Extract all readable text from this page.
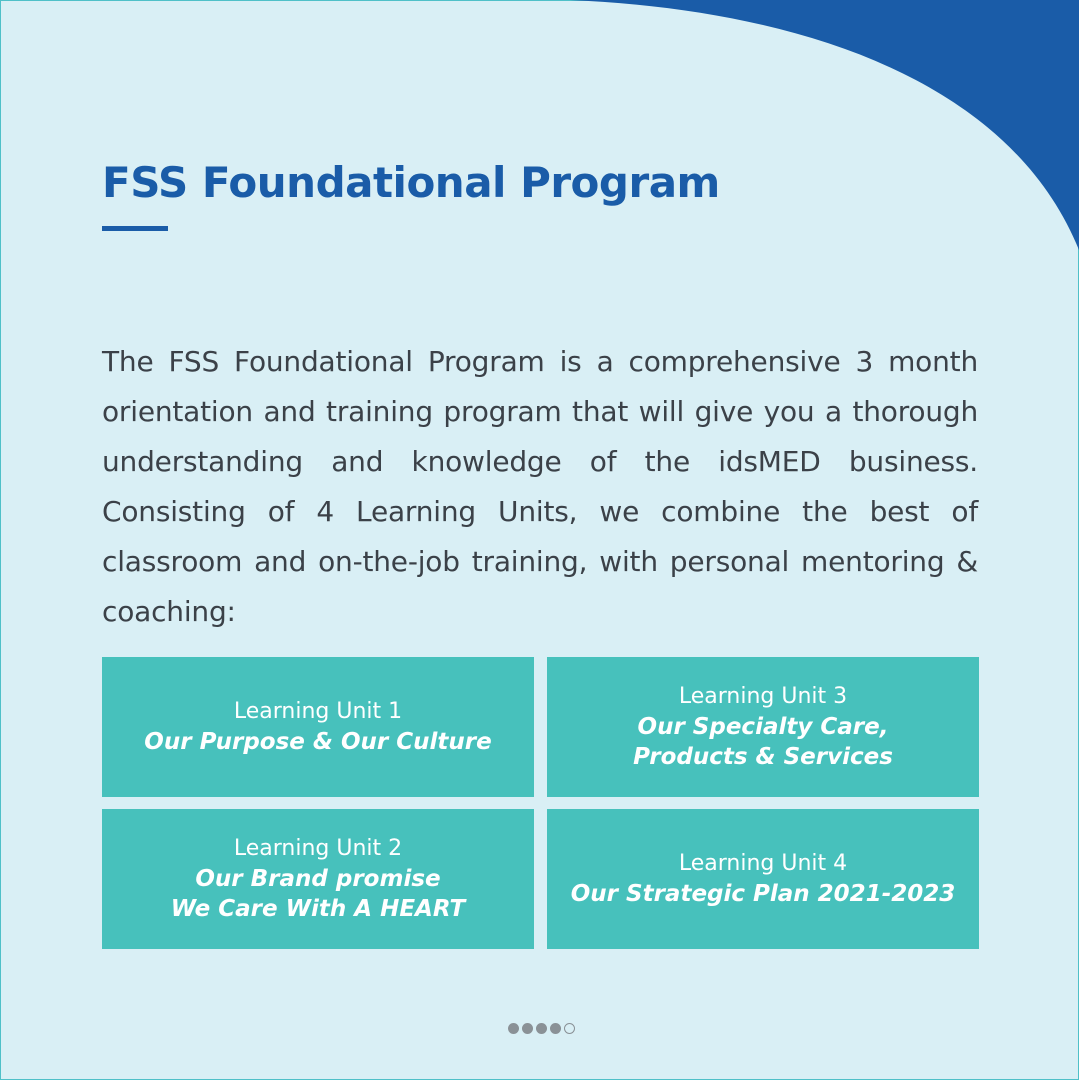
FSS Foundational Program

The FSS Foundational Program is a comprehensive 3 month orientation and training program that will give you a thorough understanding and knowledge of the idsMED business. Consisting of 4 Learning Units, we combine the best of classroom and on-the-job training, with personal mentoring & coaching:

Learning Unit 1
Our Purpose & Our Culture
Learning Unit 3
Our Specialty Care,
Products & Services
Learning Unit 2
Our Brand promise
We Care With A HEART
Learning Unit 4
Our Strategic Plan 2021-2023
